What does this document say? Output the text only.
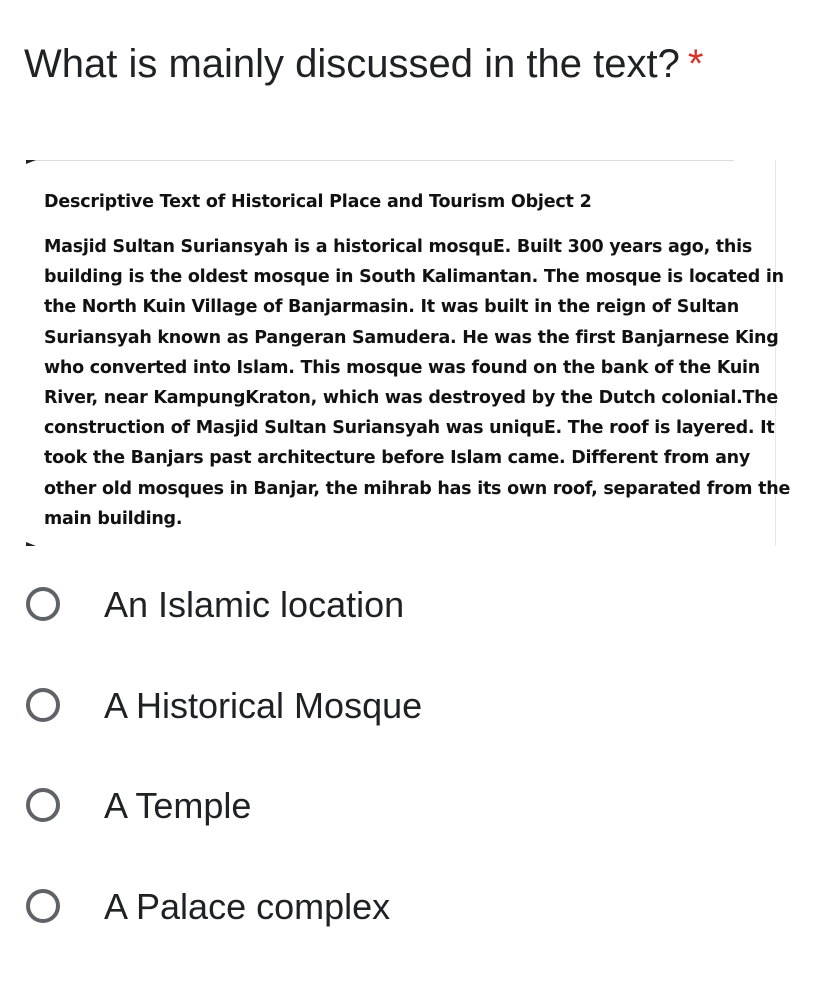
What is mainly discussed in the text? *
Descriptive Text of Historical Place and Tourism Object 2
Masjid Sultan Suriansyah is a historical mosquE. Built 300 years ago, this
building is the oldest mosque in South Kalimantan. The mosque is located in
the North Kuin Village of Banjarmasin. It was built in the reign of Sultan
Suriansyah known as Pangeran Samudera. He was the first Banjarnese King
who converted into Islam. This mosque was found on the bank of the Kuin
River, near KampungKraton, which was destroyed by the Dutch colonial.The
construction of Masjid Sultan Suriansyah was uniquE. The roof is layered. It
took the Banjars past architecture before Islam came. Different from any
other old mosques in Banjar, the mihrab has its own roof, separated from the
main building.
An Islamic location
A Historical Mosque
A Temple
A Palace complex
